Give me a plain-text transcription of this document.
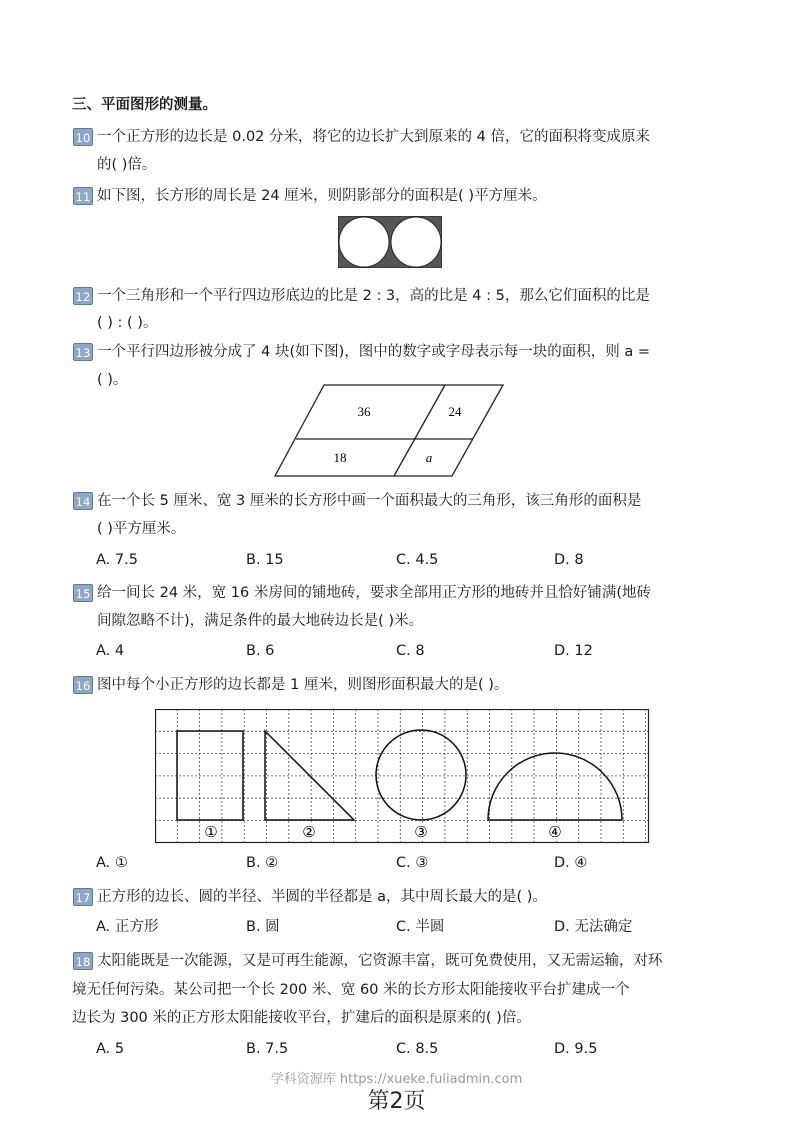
三、平面图形的测量。
10 一个正方形的边长是 0.02 分米，将它的边长扩大到原来的 4 倍，它的面积将变成原来
的( )倍。
11 如下图，长方形的周长是 24 厘米，则阴影部分的面积是( )平方厘米。
12 一个三角形和一个平行四边形底边的比是 2 : 3，高的比是 4 : 5，那么它们面积的比是
( ) : ( )。
13 一个平行四边形被分成了 4 块(如下图)，图中的数字或字母表示每一块的面积，则 a =
( )。
36	24
18	a
14 在一个长 5 厘米、宽 3 厘米的长方形中画一个面积最大的三角形，该三角形的面积是
( )平方厘米。
A. 7.5	B. 15	C. 4.5	D. 8
15 给一间长 24 米，宽 16 米房间的铺地砖，要求全部用正方形的地砖并且恰好铺满(地砖
间隙忽略不计)，满足条件的最大地砖边长是( )米。
A. 4	B. 6	C. 8	D. 12
16 图中每个小正方形的边长都是 1 厘米，则图形面积最大的是( )。
①	②	③	④
A. ①	B. ②	C. ③	D. ④
17 正方形的边长、圆的半径、半圆的半径都是 a，其中周长最大的是( )。
A. 正方形	B. 圆	C. 半圆	D. 无法确定
18 太阳能既是一次能源，又是可再生能源，它资源丰富，既可免费使用，又无需运输，对环
境无任何污染。某公司把一个长 200 米、宽 60 米的长方形太阳能接收平台扩建成一个
边长为 300 米的正方形太阳能接收平台，扩建后的面积是原来的( )倍。
A. 5	B. 7.5	C. 8.5	D. 9.5
学科资源库 https://xueke.fuliadmin.com
第2页
